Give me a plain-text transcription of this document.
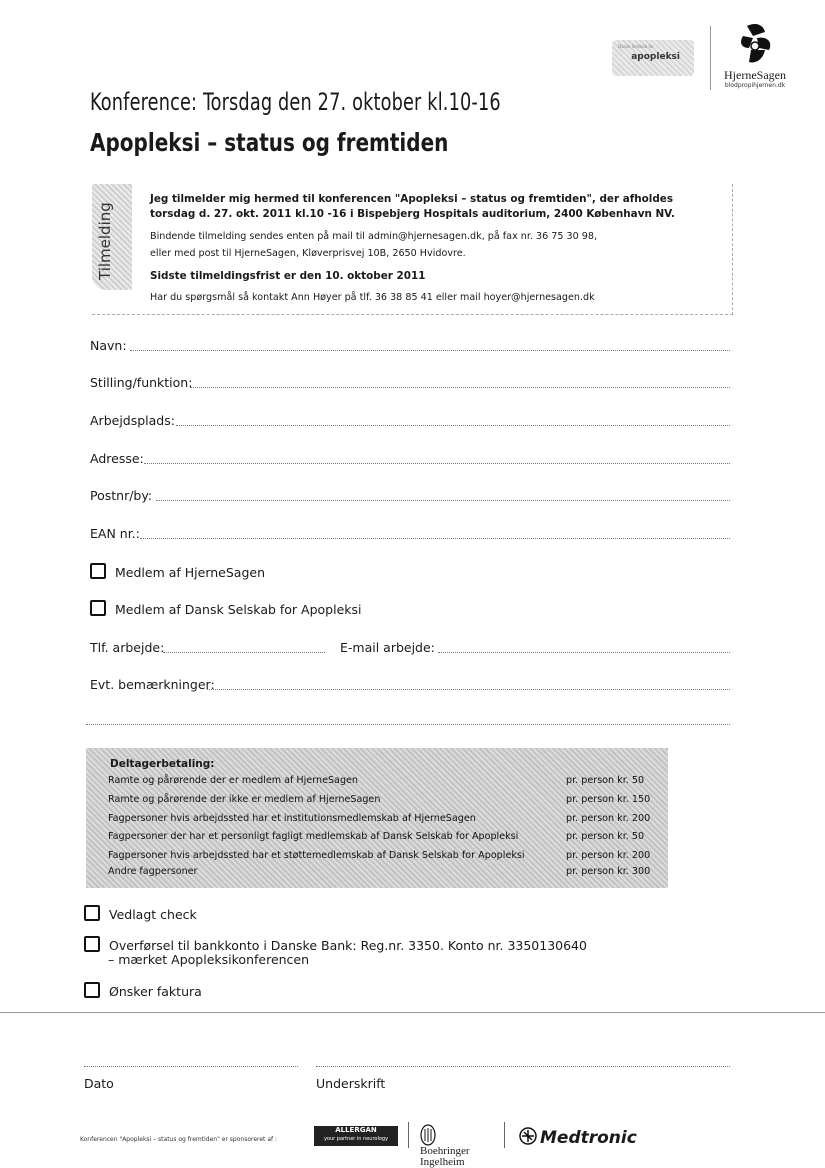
Dansk Selskab for
apopleksi
HjerneSagen
blodpropihjernen.dk
Konference: Torsdag den 27. oktober kl.10-16
Apopleksi – status og fremtiden
Tilmelding
Jeg tilmelder mig hermed til konferencen "Apopleksi – status og fremtiden", der afholdes
torsdag d. 27. okt. 2011 kl.10 -16 i Bispebjerg Hospitals auditorium, 2400 København NV.
Bindende tilmelding sendes enten på mail til admin@hjernesagen.dk, på fax nr. 36 75 30 98,
eller med post til HjerneSagen, Kløverprisvej 10B, 2650 Hvidovre.
Sidste tilmeldingsfrist er den 10. oktober 2011
Har du spørgsmål så kontakt Ann Høyer på tlf. 36 38 85 41 eller mail hoyer@hjernesagen.dk
Navn:
Stilling/funktion:
Arbejdsplads:
Adresse:
Postnr/by:
EAN nr.:
Medlem af HjerneSagen
Medlem af Dansk Selskab for Apopleksi
Tlf. arbejde:	E-mail arbejde:
Evt. bemærkninger:
Deltagerbetaling:
Ramte og pårørende der er medlem af HjerneSagen	pr. person kr. 50
Ramte og pårørende der ikke er medlem af HjerneSagen	pr. person kr. 150
Fagpersoner hvis arbejdssted har et institutionsmedlemskab af HjerneSagen	pr. person kr. 200
Fagpersoner der har et personligt fagligt medlemskab af Dansk Selskab for Apopleksi	pr. person kr. 50
Fagpersoner hvis arbejdssted har et støttemedlemskab af Dansk Selskab for Apopleksi	pr. person kr. 200
Andre fagpersoner	pr. person kr. 300
Vedlagt check
Overførsel til bankkonto i Danske Bank: Reg.nr. 3350. Konto nr. 3350130640
– mærket Apopleksikonferencen
Ønsker faktura
Dato	Underskrift
Konferencen "Apopleksi – status og fremtiden" er sponsoreret af :
ALLERGAN
your partner in neurology
Boehringer
Ingelheim
Medtronic
